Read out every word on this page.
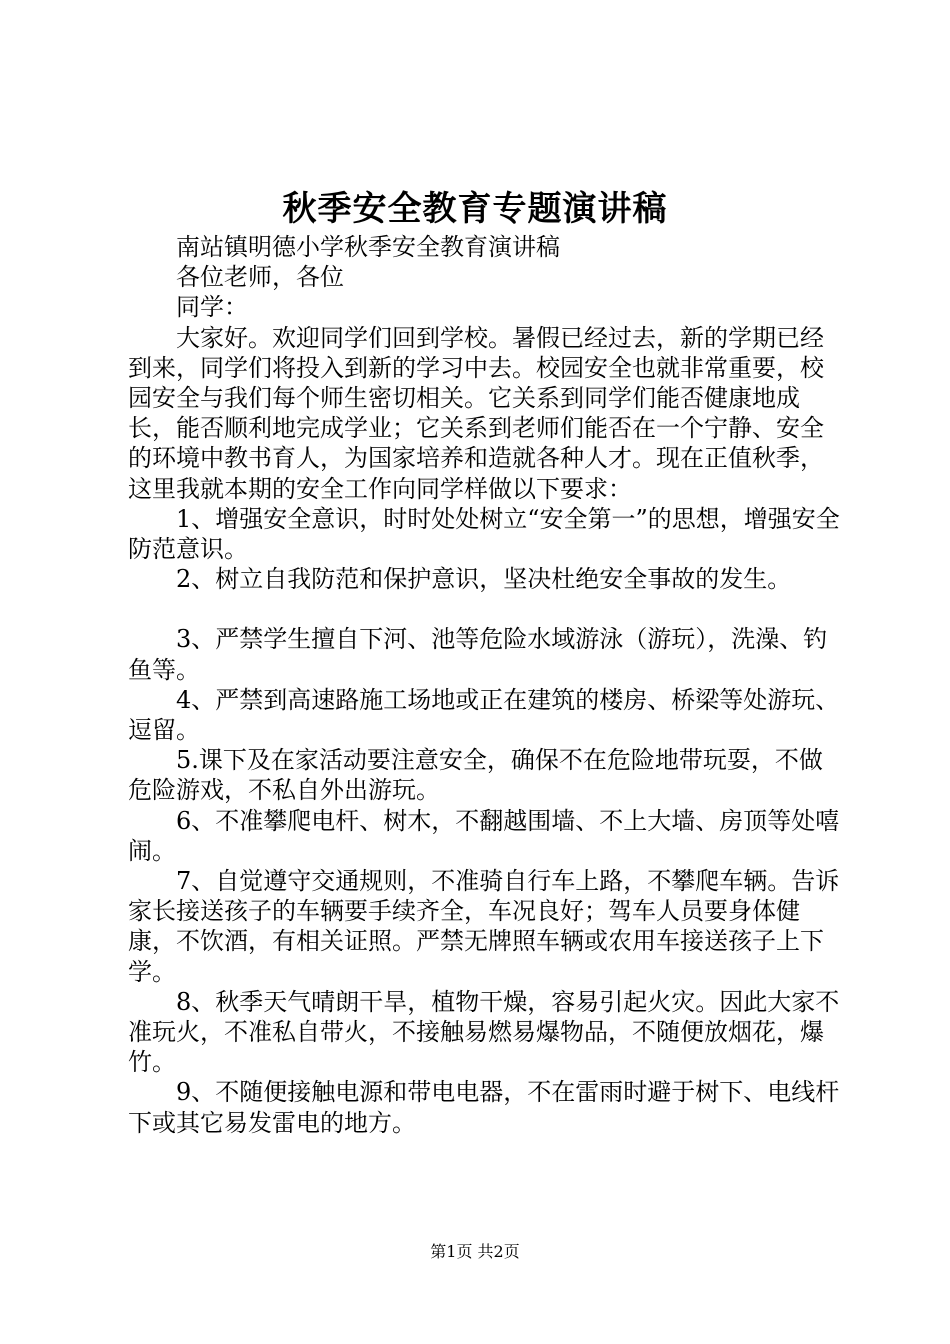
秋季安全教育专题演讲稿

南站镇明德小学秋季安全教育演讲稿

各位老师，各位

同学：

大家好。欢迎同学们回到学校。暑假已经过去，新的学期已经到来，同学们将投入到新的学习中去。校园安全也就非常重要，校园安全与我们每个师生密切相关。它关系到同学们能否健康地成长，能否顺利地完成学业；它关系到老师们能否在一个宁静、安全的环境中教书育人，为国家培养和造就各种人才。现在正值秋季，这里我就本期的安全工作向同学样做以下要求：

1、增强安全意识，时时处处树立“安全第一”的思想，增强安全防范意识。

2、树立自我防范和保护意识，坚决杜绝安全事故的发生。

3、严禁学生擅自下河、池等危险水域游泳（游玩），洗澡、钓鱼等。

4、严禁到高速路施工场地或正在建筑的楼房、桥梁等处游玩、逗留。

5.课下及在家活动要注意安全，确保不在危险地带玩耍，不做危险游戏，不私自外出游玩。

6、不准攀爬电杆、树木，不翻越围墙、不上大墙、房顶等处嘻闹。

7、自觉遵守交通规则，不准骑自行车上路，不攀爬车辆。告诉家长接送孩子的车辆要手续齐全，车况良好；驾车人员要身体健康，不饮酒，有相关证照。严禁无牌照车辆或农用车接送孩子上下学。

8、秋季天气晴朗干旱，植物干燥，容易引起火灾。因此大家不准玩火，不准私自带火，不接触易燃易爆物品，不随便放烟花，爆竹。

9、不随便接触电源和带电电器，不在雷雨时避于树下、电线杆下或其它易发雷电的地方。

第1页 共2页
